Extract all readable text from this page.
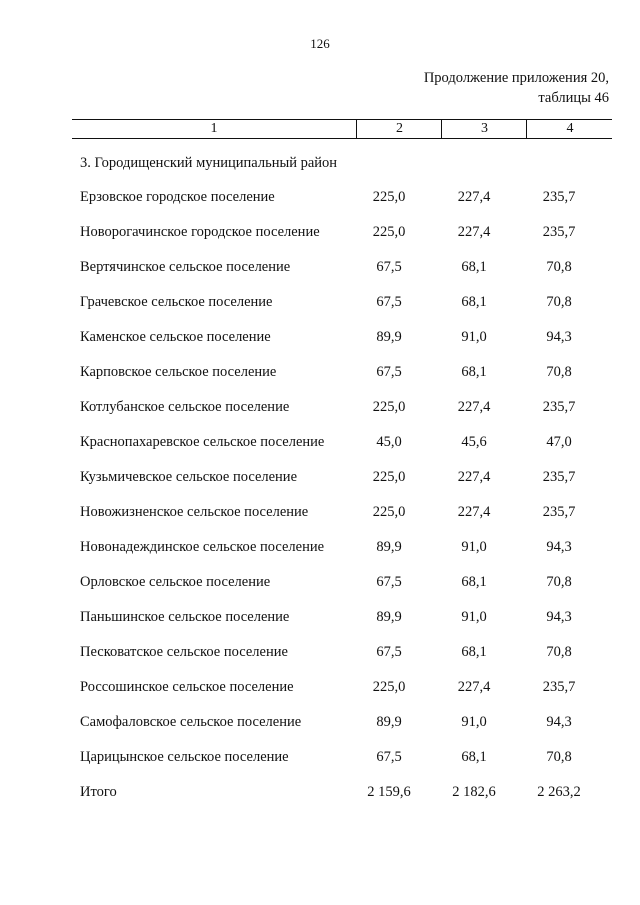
126
Продолжение приложения 20,
таблицы 46
1	2	3	4
3. Городищенский муниципальный район
Ерзовское городское поселение	225,0	227,4	235,7
Новорогачинское городское поселение	225,0	227,4	235,7
Вертячинское сельское поселение	67,5	68,1	70,8
Грачевское сельское поселение	67,5	68,1	70,8
Каменское сельское поселение	89,9	91,0	94,3
Карповское сельское поселение	67,5	68,1	70,8
Котлубанское сельское поселение	225,0	227,4	235,7
Краснопахаревское сельское поселение	45,0	45,6	47,0
Кузьмичевское сельское поселение	225,0	227,4	235,7
Новожизненское сельское поселение	225,0	227,4	235,7
Новонадеждинское сельское поселение	89,9	91,0	94,3
Орловское сельское поселение	67,5	68,1	70,8
Паньшинское сельское поселение	89,9	91,0	94,3
Песковатское сельское поселение	67,5	68,1	70,8
Россошинское сельское поселение	225,0	227,4	235,7
Самофаловское сельское поселение	89,9	91,0	94,3
Царицынское сельское поселение	67,5	68,1	70,8
Итого	2 159,6	2 182,6	2 263,2
